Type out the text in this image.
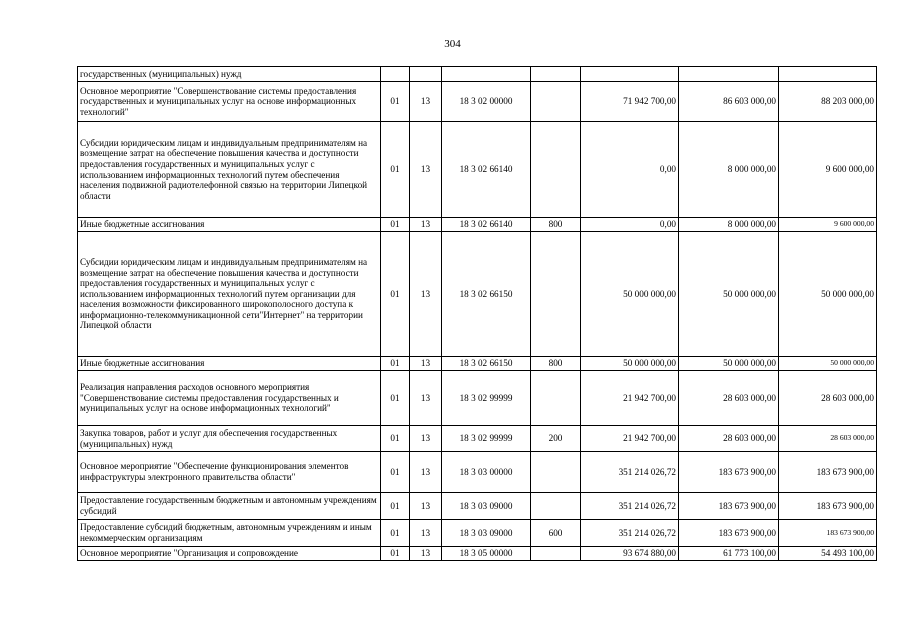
304
государственных (муниципальных) нужд							
Основное мероприятие "Совершенствование системы предоставления государственных и муниципальных услуг на основе информационных технологий"	01	13	18 3 02 00000		71 942 700,00	86 603 000,00	88 203 000,00
Субсидии юридическим лицам и индивидуальным предпринимателям на возмещение затрат на обеспечение повышения качества и доступности предоставления государственных и муниципальных услуг с использованием информационных технологий путем обеспечения населения подвижной радиотелефонной связью на территории Липецкой области	01	13	18 3 02 66140		0,00	8 000 000,00	9 600 000,00
Иные бюджетные ассигнования	01	13	18 3 02 66140	800	0,00	8 000 000,00	9 600 000,00
Субсидии юридическим лицам и индивидуальным предпринимателям на возмещение затрат на обеспечение повышения качества и доступности предоставления государственных и муниципальных услуг с использованием информационных технологий путем организации для населения возможности фиксированного широкополосного доступа к информационно-телекоммуникационной сети"Интернет" на территории Липецкой области	01	13	18 3 02 66150		50 000 000,00	50 000 000,00	50 000 000,00
Иные бюджетные ассигнования	01	13	18 3 02 66150	800	50 000 000,00	50 000 000,00	50 000 000,00
Реализация направления расходов основного мероприятия "Совершенствование системы предоставления государственных и муниципальных услуг на основе информационных технологий"	01	13	18 3 02 99999		21 942 700,00	28 603 000,00	28 603 000,00
Закупка товаров, работ и услуг для обеспечения государственных (муниципальных) нужд	01	13	18 3 02 99999	200	21 942 700,00	28 603 000,00	28 603 000,00
Основное мероприятие "Обеспечение функционирования элементов инфраструктуры электронного правительства области"	01	13	18 3 03 00000		351 214 026,72	183 673 900,00	183 673 900,00
Предоставление государственным бюджетным и автономным учреждениям субсидий	01	13	18 3 03 09000		351 214 026,72	183 673 900,00	183 673 900,00
Предоставление субсидий бюджетным, автономным учреждениям и иным некоммерческим организациям	01	13	18 3 03 09000	600	351 214 026,72	183 673 900,00	183 673 900,00
Основное мероприятие "Организация и сопровождение	01	13	18 3 05 00000		93 674 880,00	61 773 100,00	54 493 100,00
